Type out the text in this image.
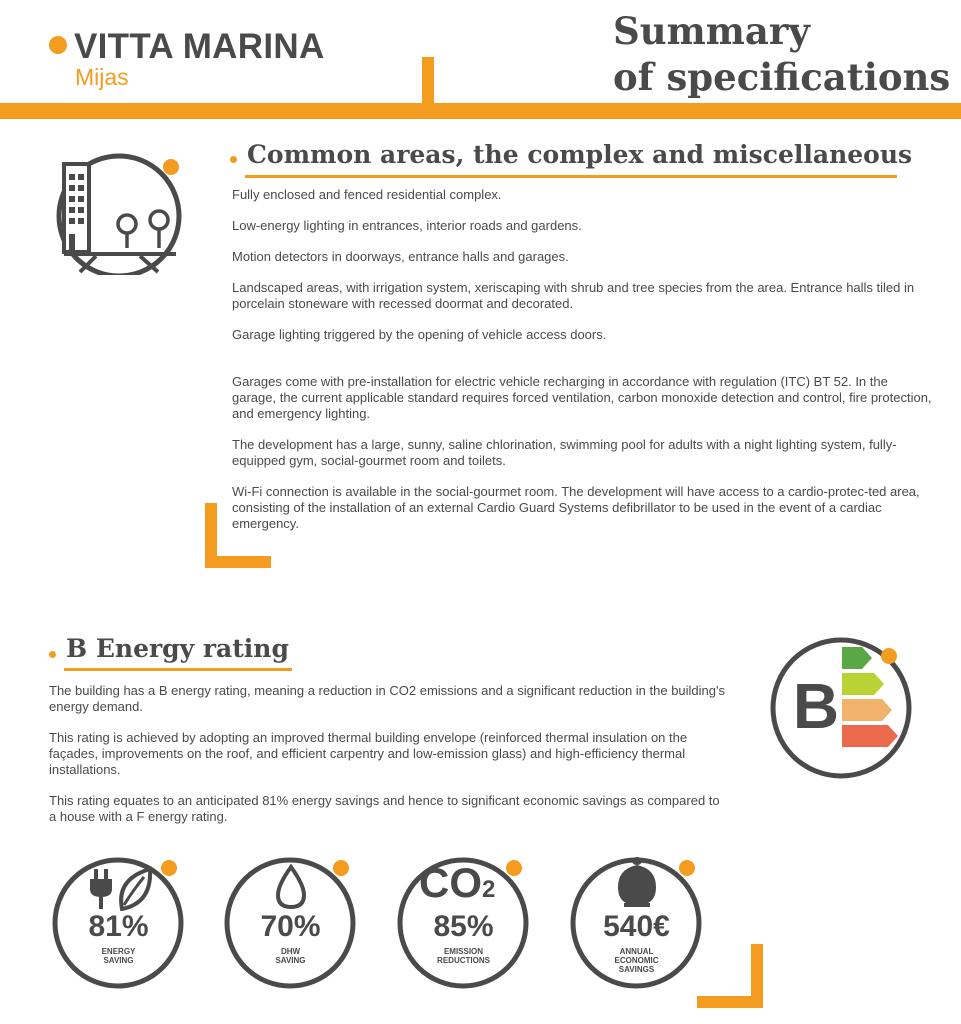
VITTA MARINA
Mijas
Summary
of specifications
Common areas, the complex and miscellaneous

Fully enclosed and fenced residential complex.

Low-energy lighting in entrances, interior roads and gardens.

Motion detectors in doorways, entrance halls and garages.

Landscaped areas, with irrigation system, xeriscaping with shrub and tree species from the area. Entrance halls tiled in porcelain stoneware with recessed doormat and decorated.

Garage lighting triggered by the opening of vehicle access doors.

Garages come with pre-installation for electric vehicle recharging in accordance with regulation (ITC) BT 52. In the garage, the current applicable standard requires forced ventilation, carbon monoxide detection and control, fire protection, and emergency lighting.

The development has a large, sunny, saline chlorination, swimming pool for adults with a night lighting system, fully-equipped gym, social-gourmet room and toilets.

Wi-Fi connection is available in the social-gourmet room. The development will have access to a cardio-protec-ted area, consisting of the installation of an external Cardio Guard Systems defibrillator to be used in the event of a cardiac emergency.

B Energy rating

The building has a B energy rating, meaning a reduction in CO2 emissions and a significant reduction in the building's energy demand.

This rating is achieved by adopting an improved thermal building envelope (reinforced thermal insulation on the façades, improvements on the roof, and efficient carpentry and low-emission glass) and high-efficiency thermal installations.

This rating equates to an anticipated 81% energy savings and hence to significant economic savings as compared to a house with a F energy rating.

B
81%
ENERGY
SAVING
70%
DHW
SAVING
CO2
85%
EMISSION
REDUCTIONS
540€
ANNUAL
ECONOMIC
SAVINGS
